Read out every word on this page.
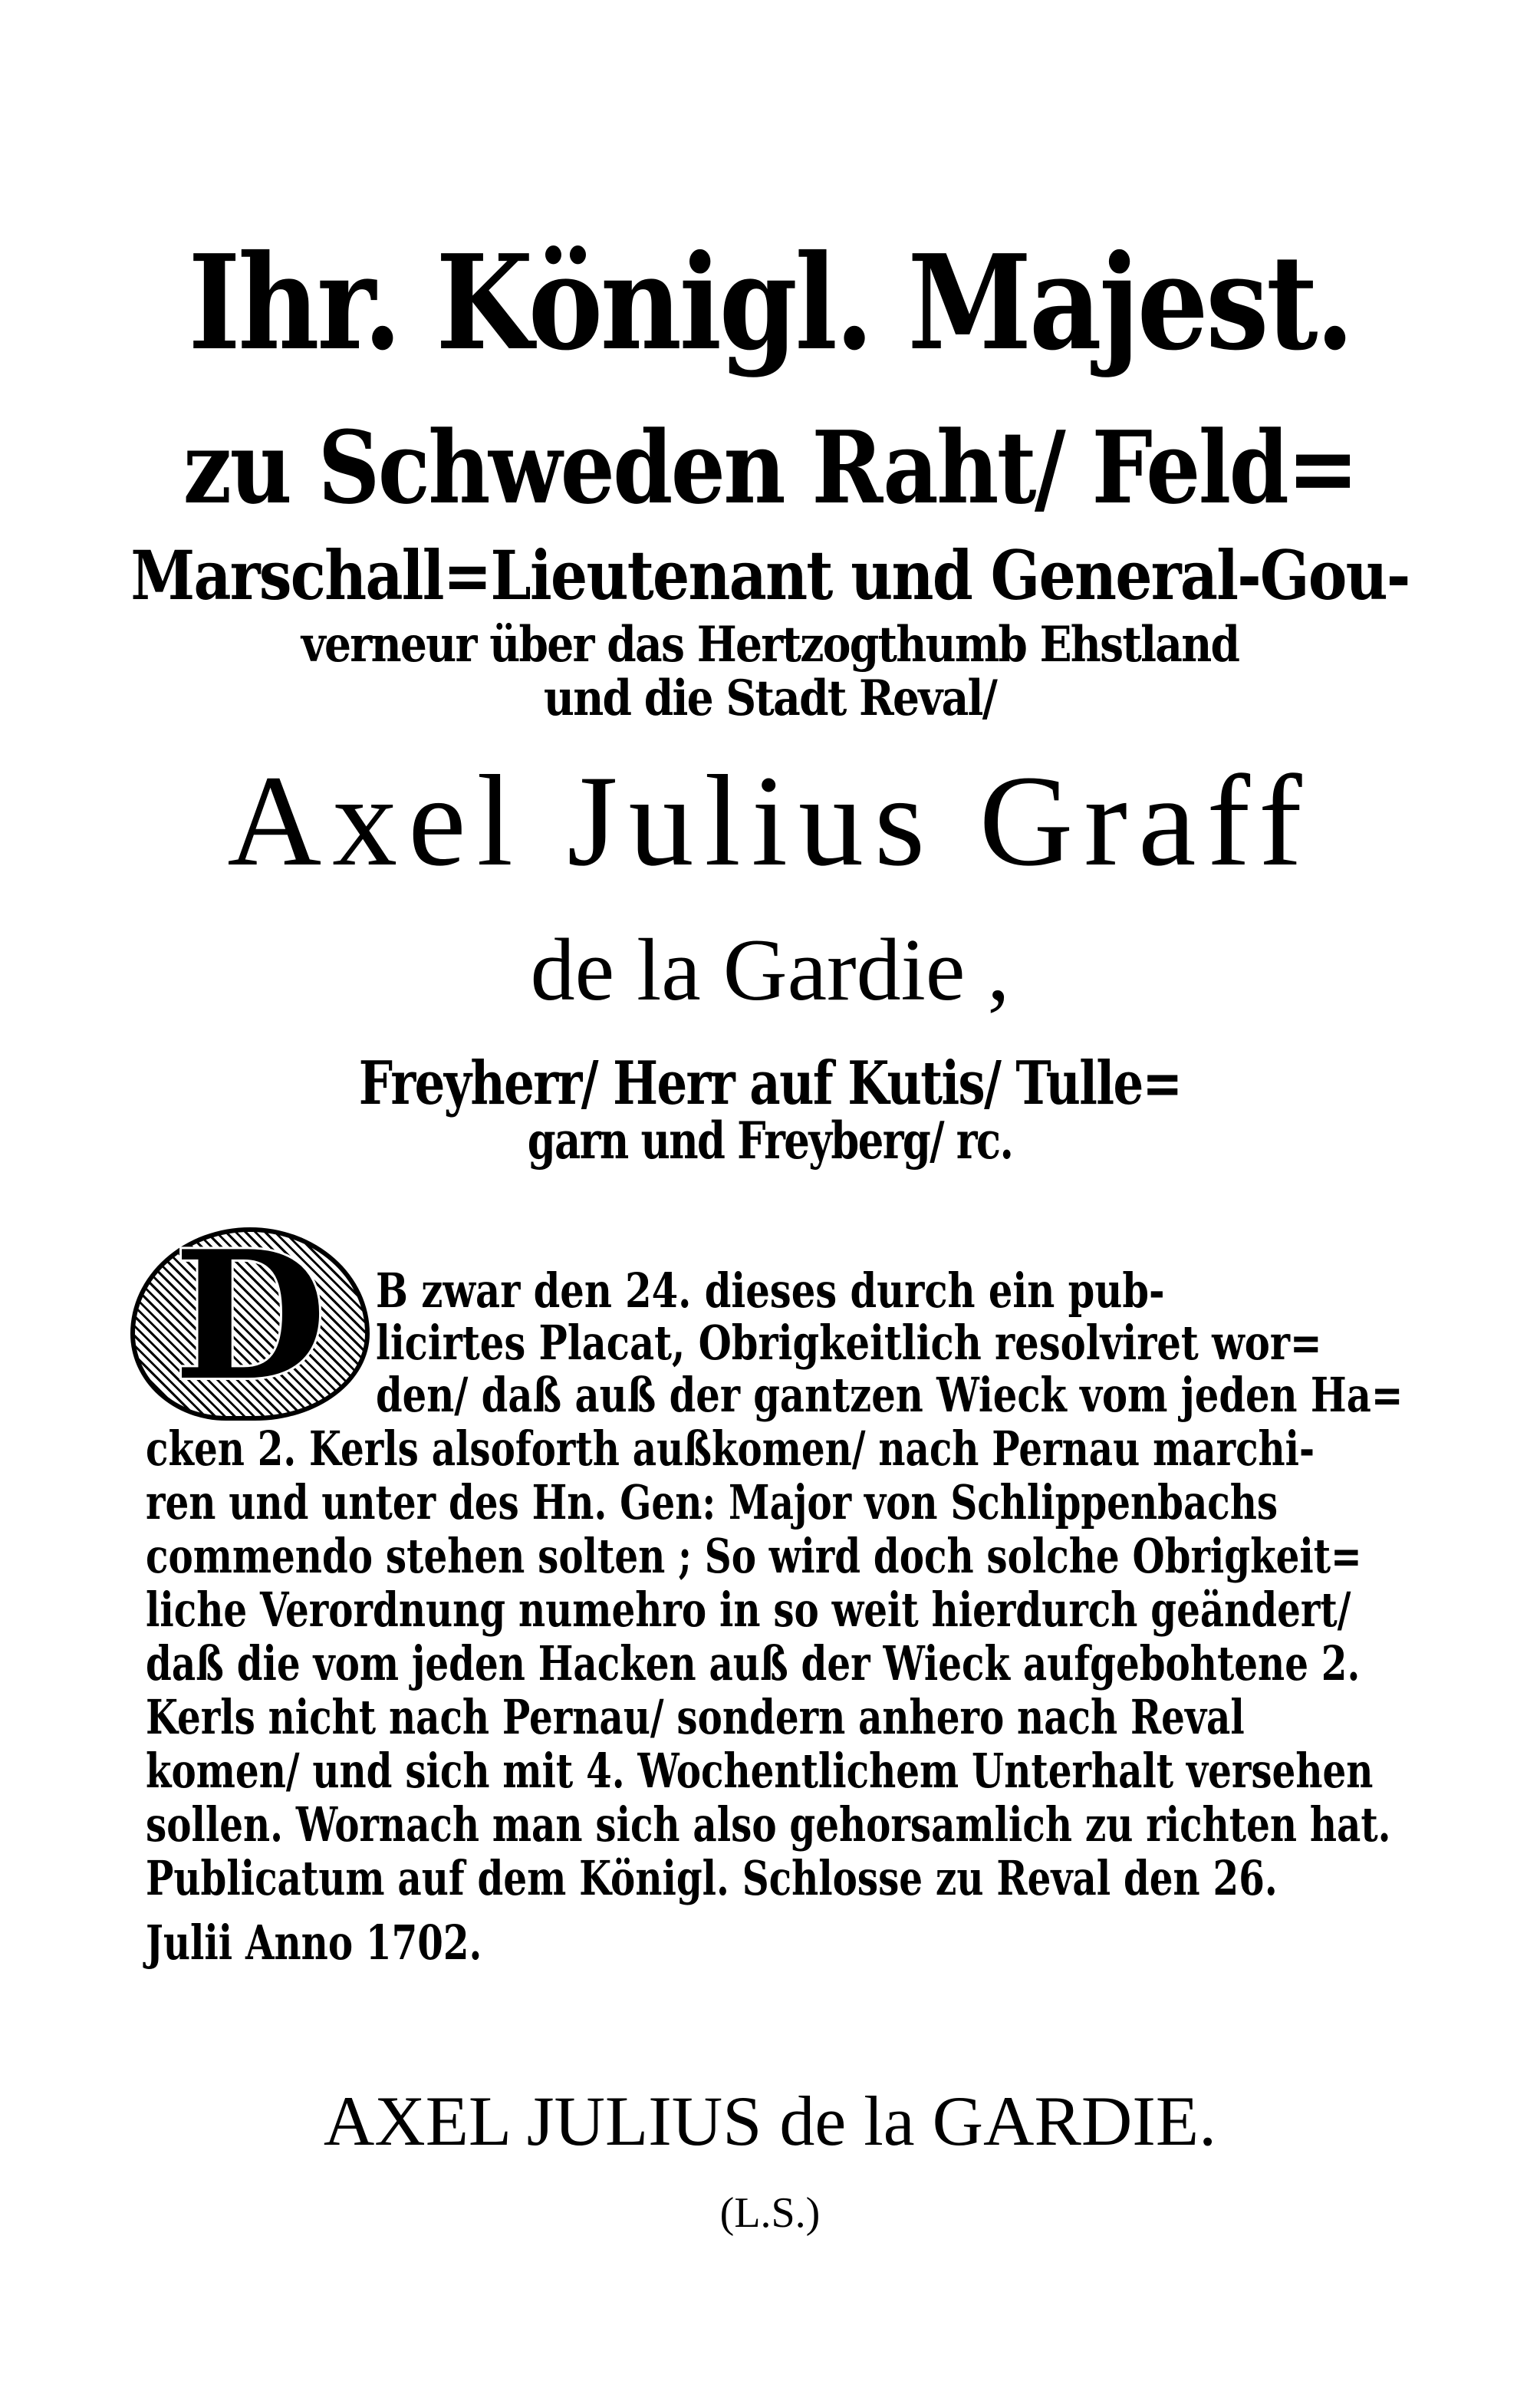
Ihr. Königl. Majest.
zu Schweden Raht/ Feld=
Marschall=Lieutenant und General-Gou-
verneur über das Hertzogthumb Ehstland
und die Stadt Reval/
Axel Julius Graff
de la Gardie ,
Freyherr/ Herr auf Kutis/ Tulle=
garn und Freyberg/ rc.
D	B zwar den 24. dieses durch ein pub-
licirtes Placat, Obrigkeitlich resolviret wor=
den/ daß auß der gantzen Wieck vom jeden Ha=
cken 2. Kerls alsoforth außkomen/ nach Pernau marchi-
ren und unter des Hn. Gen: Major von Schlippenbachs
commendo stehen solten ; So wird doch solche Obrigkeit=
liche Verordnung numehro in so weit hierdurch geändert/
daß die vom jeden Hacken auß der Wieck aufgebohtene 2.
Kerls nicht nach Pernau/ sondern anhero nach Reval
komen/ und sich mit 4. Wochentlichem Unterhalt versehen
sollen. Wornach man sich also gehorsamlich zu richten hat.
Publicatum auf dem Königl. Schlosse zu Reval den 26.
Julii Anno 1702.
AXEL JULIUS de la GARDIE.
(L.S.)
